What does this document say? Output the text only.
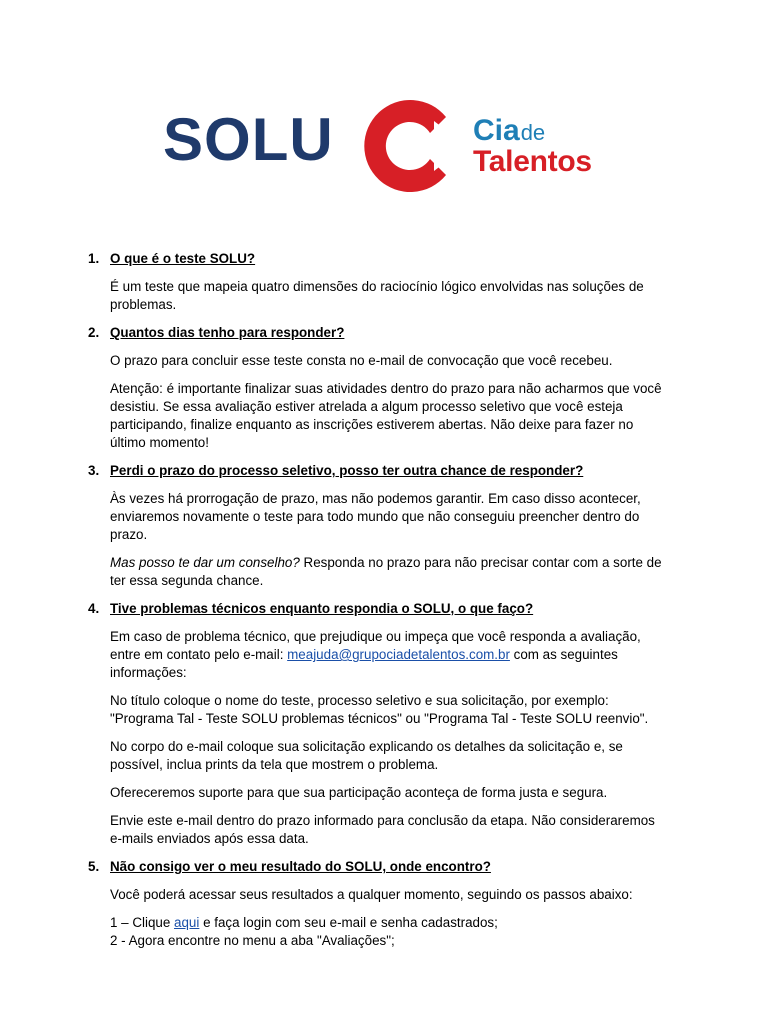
SOLU	Cia de
Talentos
1. O que é o teste SOLU?

É um teste que mapeia quatro dimensões do raciocínio lógico envolvidas nas soluções de problemas.

2. Quantos dias tenho para responder?

O prazo para concluir esse teste consta no e-mail de convocação que você recebeu.

Atenção: é importante finalizar suas atividades dentro do prazo para não acharmos que você desistiu. Se essa avaliação estiver atrelada a algum processo seletivo que você esteja participando, finalize enquanto as inscrições estiverem abertas. Não deixe para fazer no último momento!

3. Perdi o prazo do processo seletivo, posso ter outra chance de responder?

Às vezes há prorrogação de prazo, mas não podemos garantir. Em caso disso acontecer, enviaremos novamente o teste para todo mundo que não conseguiu preencher dentro do prazo.

Mas posso te dar um conselho? Responda no prazo para não precisar contar com a sorte de ter essa segunda chance.

4. Tive problemas técnicos enquanto respondia o SOLU, o que faço?

Em caso de problema técnico, que prejudique ou impeça que você responda a avaliação, entre em contato pelo e-mail: meajuda@grupociadetalentos.com.br com as seguintes informações:

No título coloque o nome do teste, processo seletivo e sua solicitação, por exemplo: "Programa Tal - Teste SOLU problemas técnicos" ou "Programa Tal - Teste SOLU reenvio".

No corpo do e-mail coloque sua solicitação explicando os detalhes da solicitação e, se possível, inclua prints da tela que mostrem o problema.

Ofereceremos suporte para que sua participação aconteça de forma justa e segura.

Envie este e-mail dentro do prazo informado para conclusão da etapa. Não consideraremos e-mails enviados após essa data.

5. Não consigo ver o meu resultado do SOLU, onde encontro?

Você poderá acessar seus resultados a qualquer momento, seguindo os passos abaixo:

1 – Clique aqui e faça login com seu e-mail e senha cadastrados;

2 - Agora encontre no menu a aba "Avaliações";
